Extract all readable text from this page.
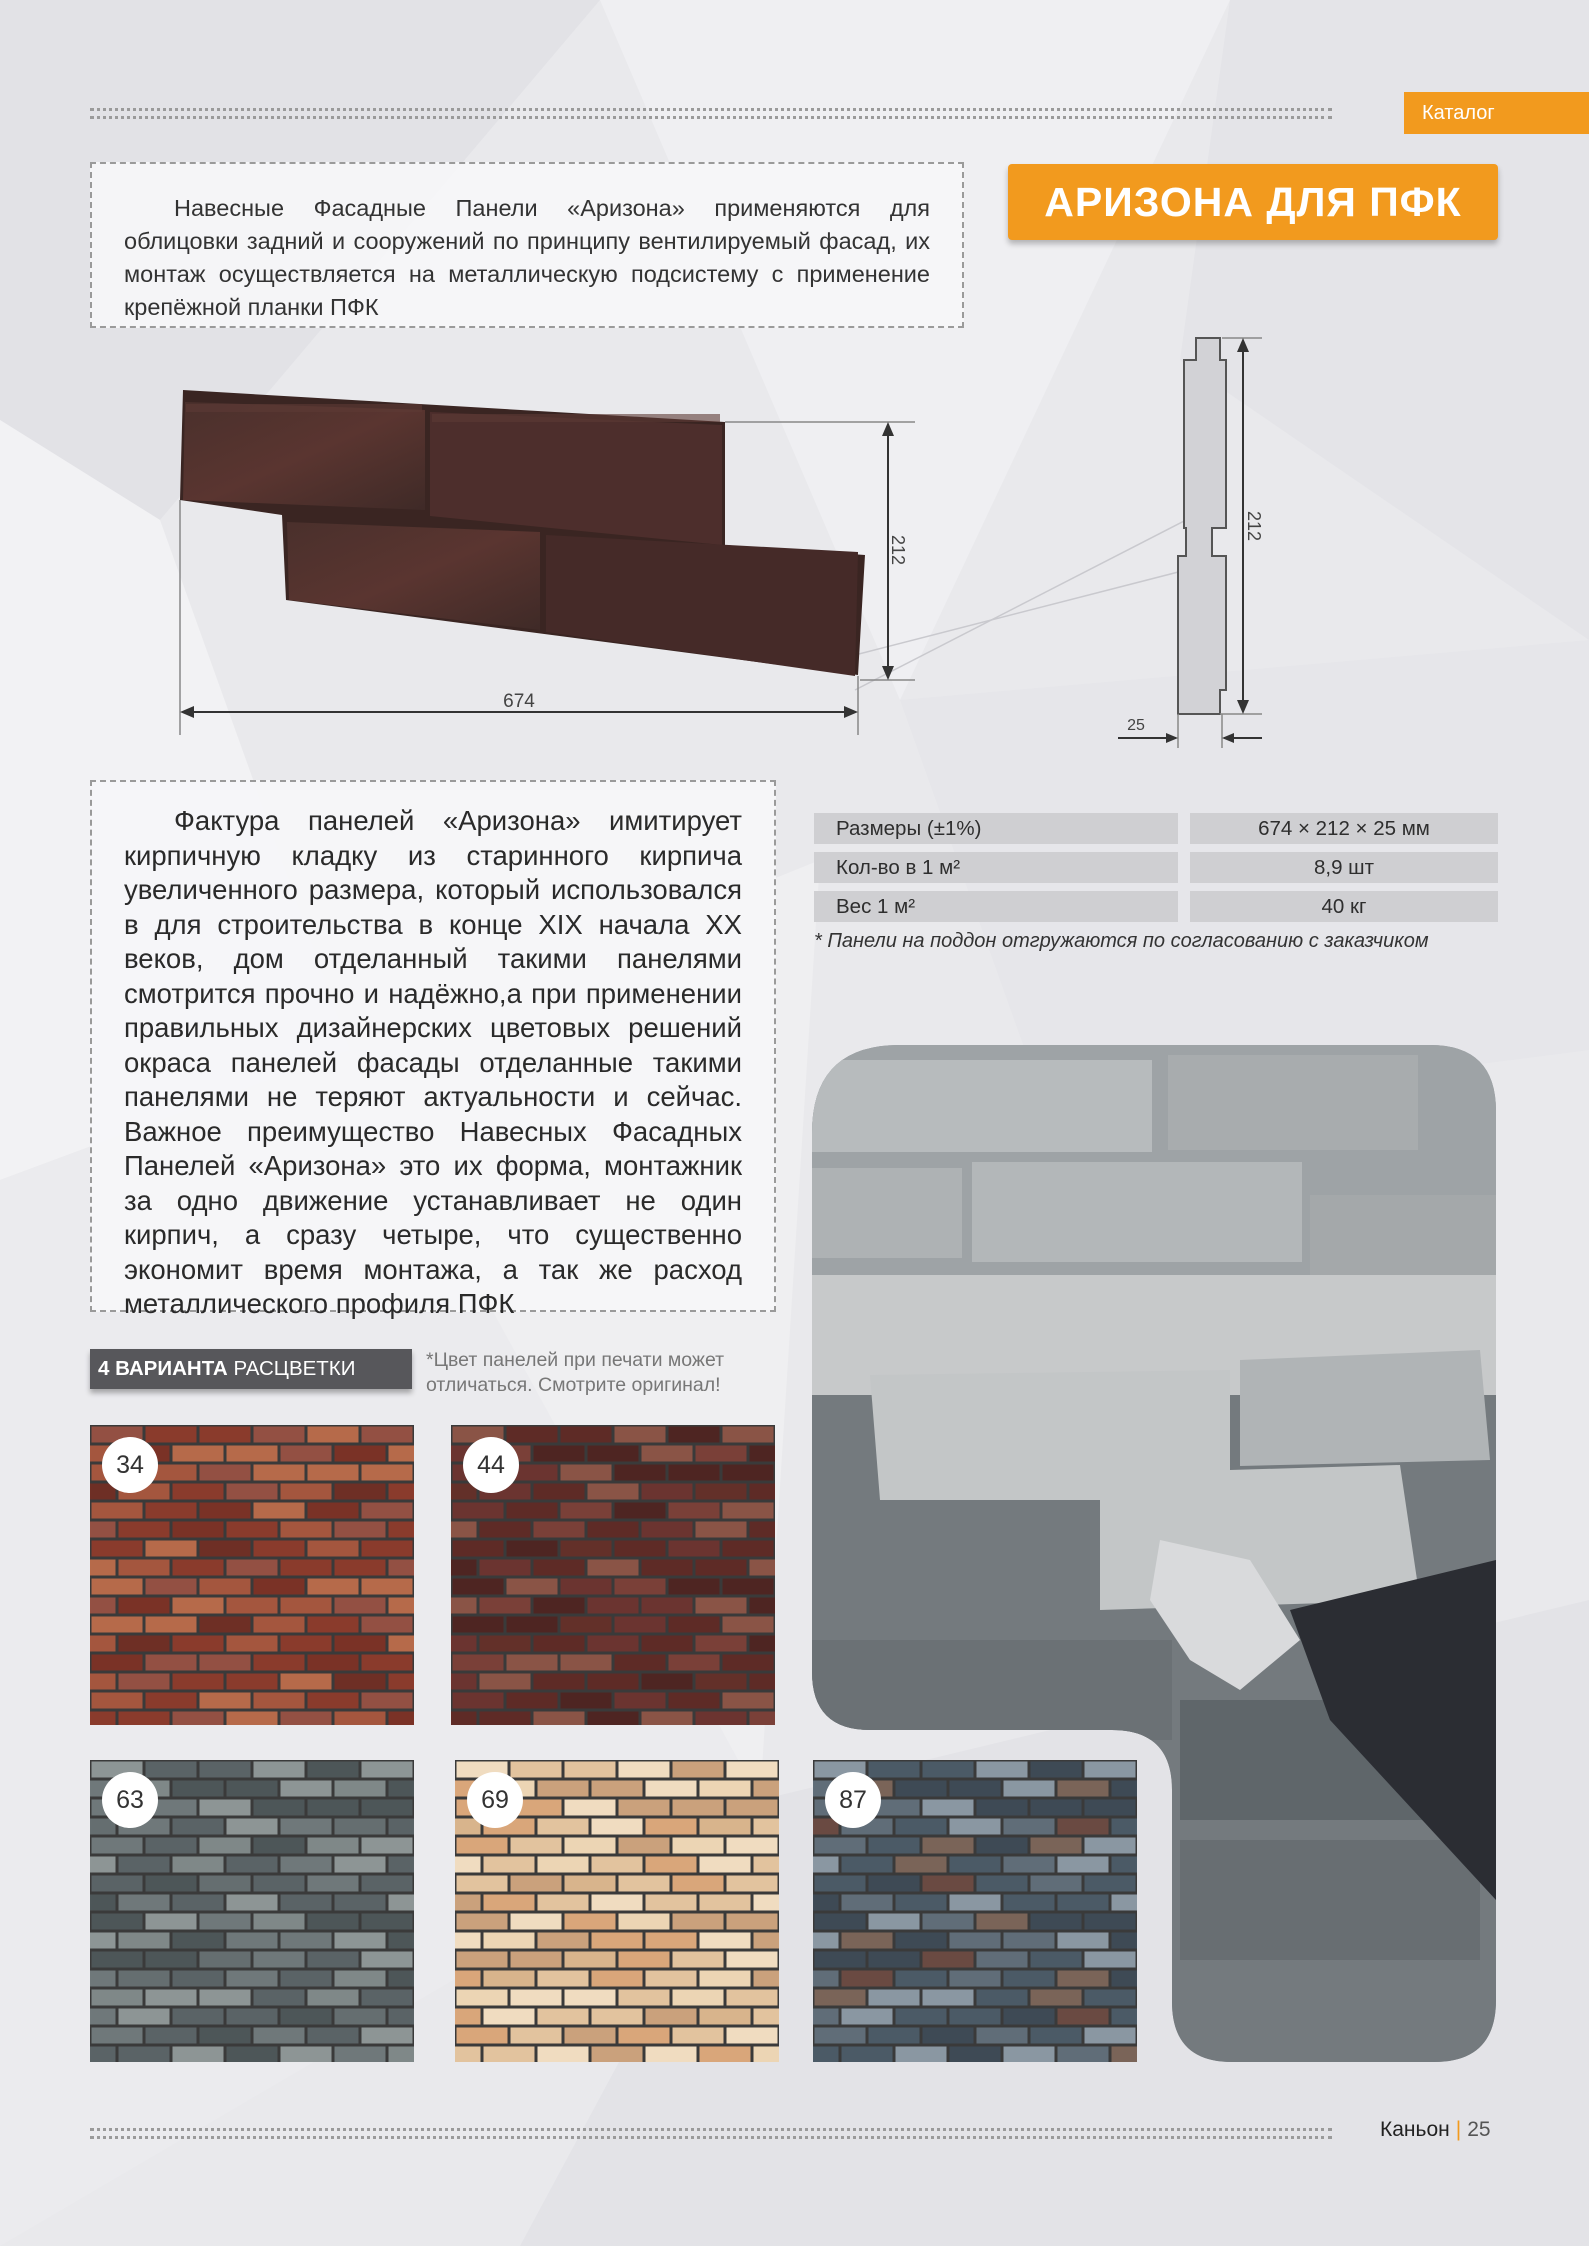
Каталог

Навесные Фасадные Панели «Аризона» применяются для облицовки задний и сооружений по принципу вентилируемый фасад, их монтаж осуществляется на металлическую подсистему с применение крепёжной планки ПФК

АРИЗОНА ДЛЯ ПФК
212
674
212
25

Фактура панелей «Аризона» имитирует кирпичную кладку из старинного кирпича увеличенного размера, который использовался в для строительства в конце XIX начала XX веков, дом отделанный такими панелями смотрится прочно и надёжно,а при применении правильных дизайнерских цветовых решений окраса панелей фасады отделанные такими панелями не теряют актуальности и сейчас. Важное преимущество Навесных Фасадных Панелей «Аризона» это их форма, монтажник за одно движение устанавливает не один кирпич, а сразу четыре, что существенно экономит время монтажа, а так же расход металлического профиля ПФК

Размеры (±1%)	674 × 212 × 25 мм
Кол-во в 1 м²	8,9 шт
Вес 1 м²	40 кг
* Панели на поддон отгружаются по согласованию с заказчиком
4 ВАРИАНТА РАСЦВЕТКИ	*Цвет панелей при печати может отличаться. Смотрите оригинал!
34	44
63	69	87
Каньон | 25
